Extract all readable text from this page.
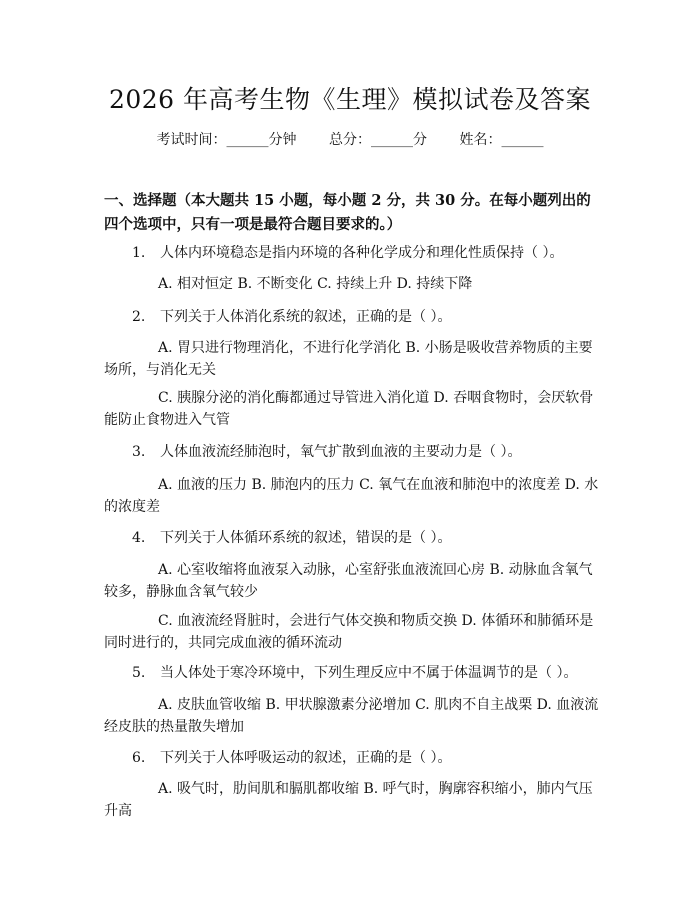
2026 年高考生物《生理》模拟试卷及答案
考试时间：______分钟 总分：______分 姓名：______
一、选择题（本大题共 15 小题，每小题 2 分，共 30 分。在每小题列出的四个选项中，只有一项是最符合题目要求的。）
1. 人体内环境稳态是指内环境的各种化学成分和理化性质保持（ ）。
A. 相对恒定 B. 不断变化 C. 持续上升 D. 持续下降
2. 下列关于人体消化系统的叙述，正确的是（ ）。
A. 胃只进行物理消化，不进行化学消化 B. 小肠是吸收营养物质的主要场所，与消化无关
C. 胰腺分泌的消化酶都通过导管进入消化道 D. 吞咽食物时，会厌软骨能防止食物进入气管
3. 人体血液流经肺泡时，氧气扩散到血液的主要动力是（ ）。
A. 血液的压力 B. 肺泡内的压力 C. 氧气在血液和肺泡中的浓度差 D. 水的浓度差
4. 下列关于人体循环系统的叙述，错误的是（ ）。
A. 心室收缩将血液泵入动脉，心室舒张血液流回心房 B. 动脉血含氧气较多，静脉血含氧气较少
C. 血液流经肾脏时，会进行气体交换和物质交换 D. 体循环和肺循环是同时进行的，共同完成血液的循环流动
5. 当人体处于寒冷环境中，下列生理反应中不属于体温调节的是（ ）。
A. 皮肤血管收缩 B. 甲状腺激素分泌增加 C. 肌肉不自主战栗 D. 血液流经皮肤的热量散失增加
6. 下列关于人体呼吸运动的叙述，正确的是（ ）。
A. 吸气时，肋间肌和膈肌都收缩 B. 呼气时，胸廓容积缩小，肺内气压升高
